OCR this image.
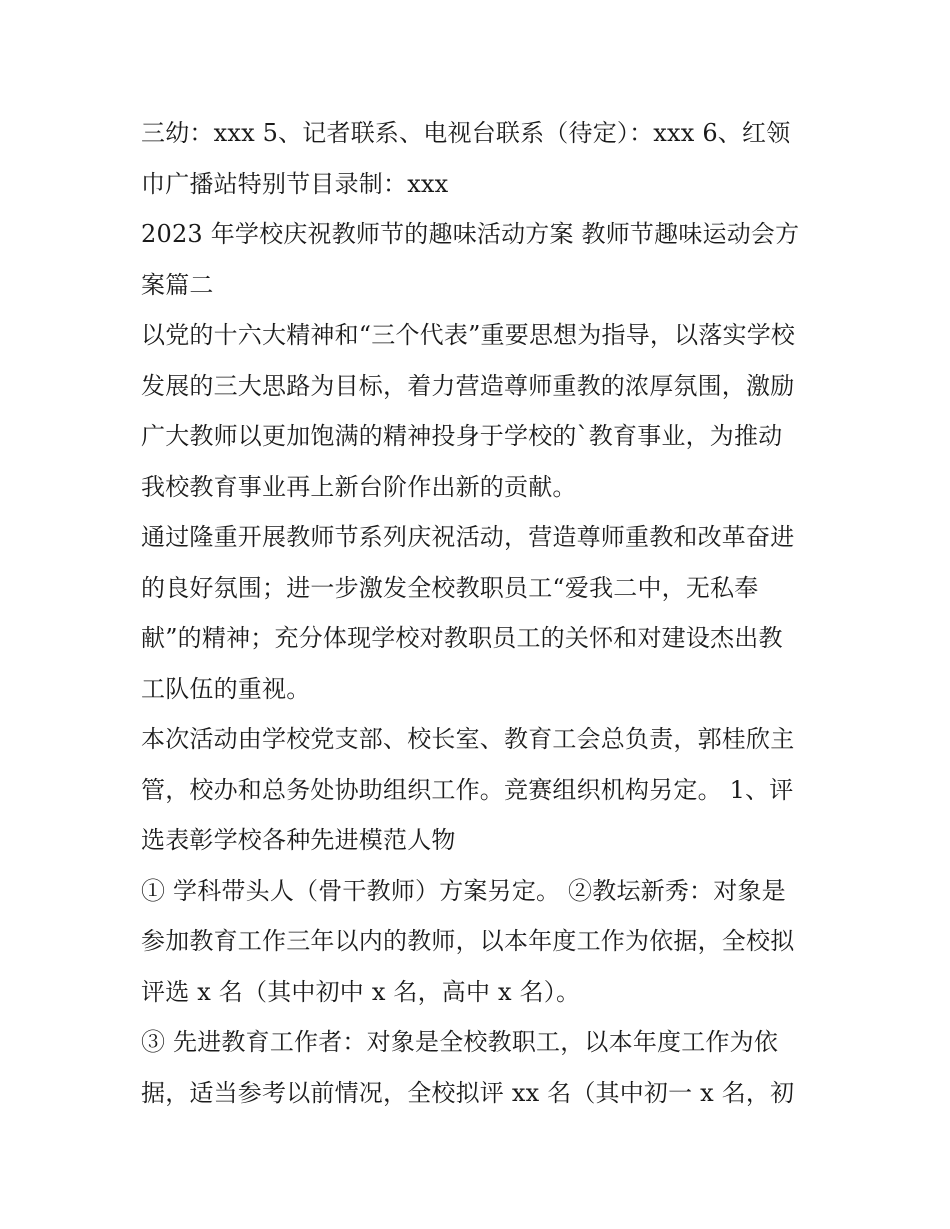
三幼：xxx 5、记者联系、电视台联系（待定）：xxx 6、红领
巾广播站特别节目录制：xxx
2023 年学校庆祝教师节的趣味活动方案 教师节趣味运动会方
案篇二
以党的十六大精神和“三个代表”重要思想为指导，以落实学校
发展的三大思路为目标，着力营造尊师重教的浓厚氛围，激励
广大教师以更加饱满的精神投身于学校的`教育事业，为推动
我校教育事业再上新台阶作出新的贡献。
通过隆重开展教师节系列庆祝活动，营造尊师重教和改革奋进
的良好氛围；进一步激发全校教职员工“爱我二中，无私奉
献”的精神；充分体现学校对教职员工的关怀和对建设杰出教
工队伍的重视。
本次活动由学校党支部、校长室、教育工会总负责，郭桂欣主
管，校办和总务处协助组织工作。竞赛组织机构另定。 1、评
选表彰学校各种先进模范人物
① 学科带头人（骨干教师）方案另定。 ②教坛新秀：对象是
参加教育工作三年以内的教师，以本年度工作为依据，全校拟
评选 x 名（其中初中 x 名，高中 x 名）。
③ 先进教育工作者：对象是全校教职工，以本年度工作为依
据，适当参考以前情况，全校拟评 xx 名（其中初一 x 名，初
